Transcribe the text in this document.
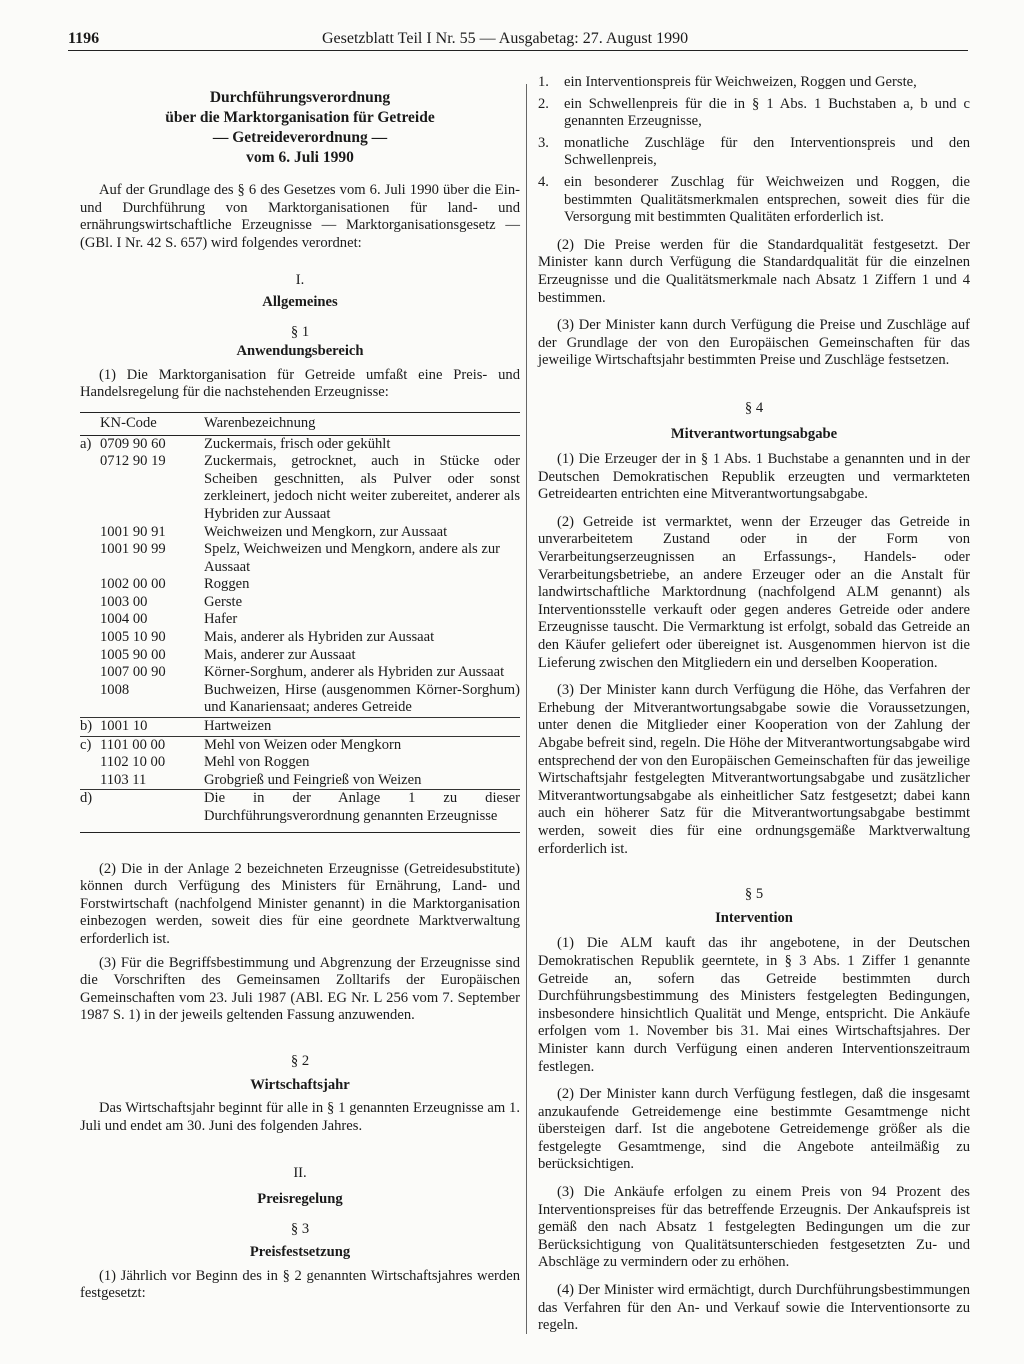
1196	Gesetzblatt Teil I Nr. 55 — Ausgabetag: 27. August 1990
Durchführungsverordnung
über die Marktorganisation für Getreide
— Getreideverordnung —
vom 6. Juli 1990

Auf der Grundlage des § 6 des Gesetzes vom 6. Juli 1990 über die Ein- und Durchführung von Marktorganisationen für land- und ernährungswirtschaftliche Erzeugnisse — Marktorganisationsgesetz — (GBl. I Nr. 42 S. 657) wird folgendes verordnet:

I.
Allgemeines
§ 1
Anwendungsbereich

(1) Die Marktorganisation für Getreide umfaßt eine Preis- und Handelsregelung für die nachstehenden Erzeugnisse:

	KN-Code	Warenbezeichnung
a)	0709 90 60	Zuckermais, frisch oder gekühlt
	0712 90 19	Zuckermais, getrocknet, auch in Stücke oder Scheiben geschnitten, als Pulver oder sonst zerkleinert, jedoch nicht weiter zubereitet, anderer als Hybriden zur Aussaat
	1001 90 91	Weichweizen und Mengkorn, zur Aussaat
	1001 90 99	Spelz, Weichweizen und Mengkorn, andere als zur Aussaat
	1002 00 00	Roggen
	1003 00	Gerste
	1004 00	Hafer
	1005 10 90	Mais, anderer als Hybriden zur Aussaat
	1005 90 00	Mais, anderer zur Aussaat
	1007 00 90	Körner-Sorghum, anderer als Hybriden zur Aussaat
	1008	Buchweizen, Hirse (ausgenommen Körner-Sorghum) und Kanariensaat; anderes Getreide
b)	1001 10	Hartweizen
c)	1101 00 00	Mehl von Weizen oder Mengkorn
	1102 10 00	Mehl von Roggen
	1103 11	Grobgrieß und Feingrieß von Weizen
d)		Die in der Anlage 1 zu dieser Durchführungsverordnung genannten Erzeugnisse

(2) Die in der Anlage 2 bezeichneten Erzeugnisse (Getreidesubstitute) können durch Verfügung des Ministers für Ernährung, Land- und Forstwirtschaft (nachfolgend Minister genannt) in die Marktorganisation einbezogen werden, soweit dies für eine geordnete Marktverwaltung erforderlich ist.

(3) Für die Begriffsbestimmung und Abgrenzung der Erzeugnisse sind die Vorschriften des Gemeinsamen Zolltarifs der Europäischen Gemeinschaften vom 23. Juli 1987 (ABl. EG Nr. L 256 vom 7. September 1987 S. 1) in der jeweils geltenden Fassung anzuwenden.

§ 2
Wirtschaftsjahr

Das Wirtschaftsjahr beginnt für alle in § 1 genannten Erzeugnisse am 1. Juli und endet am 30. Juni des folgenden Jahres.

II.
Preisregelung
§ 3
Preisfestsetzung

(1) Jährlich vor Beginn des in § 2 genannten Wirtschaftsjahres werden festgesetzt:

1.	ein Interventionspreis für Weichweizen, Roggen und Gerste,
2.	ein Schwellenpreis für die in § 1 Abs. 1 Buchstaben a, b und c genannten Erzeugnisse,
3.	monatliche Zuschläge für den Interventionspreis und den Schwellenpreis,
4.	ein besonderer Zuschlag für Weichweizen und Roggen, die bestimmten Qualitätsmerkmalen entsprechen, soweit dies für die Versorgung mit bestimmten Qualitäten erforderlich ist.

(2) Die Preise werden für die Standardqualität festgesetzt. Der Minister kann durch Verfügung die Standardqualität für die einzelnen Erzeugnisse und die Qualitätsmerkmale nach Absatz 1 Ziffern 1 und 4 bestimmen.

(3) Der Minister kann durch Verfügung die Preise und Zuschläge auf der Grundlage der von den Europäischen Gemeinschaften für das jeweilige Wirtschaftsjahr bestimmten Preise und Zuschläge festsetzen.

§ 4
Mitverantwortungsabgabe

(1) Die Erzeuger der in § 1 Abs. 1 Buchstabe a genannten und in der Deutschen Demokratischen Republik erzeugten und vermarkteten Getreidearten entrichten eine Mitverantwortungsabgabe.

(2) Getreide ist vermarktet, wenn der Erzeuger das Getreide in unverarbeitetem Zustand oder in der Form von Verarbeitungserzeugnissen an Erfassungs-, Handels- oder Verarbeitungsbetriebe, an andere Erzeuger oder an die Anstalt für landwirtschaftliche Marktordnung (nachfolgend ALM genannt) als Interventionsstelle verkauft oder gegen anderes Getreide oder andere Erzeugnisse tauscht. Die Vermarktung ist erfolgt, sobald das Getreide an den Käufer geliefert oder übereignet ist. Ausgenommen hiervon ist die Lieferung zwischen den Mitgliedern ein und derselben Kooperation.

(3) Der Minister kann durch Verfügung die Höhe, das Verfahren der Erhebung der Mitverantwortungsabgabe sowie die Voraussetzungen, unter denen die Mitglieder einer Kooperation von der Zahlung der Abgabe befreit sind, regeln. Die Höhe der Mitverantwortungsabgabe wird entsprechend der von den Europäischen Gemeinschaften für das jeweilige Wirtschaftsjahr festgelegten Mitverantwortungsabgabe und zusätzlicher Mitverantwortungsabgabe als einheitlicher Satz festgesetzt; dabei kann auch ein höherer Satz für die Mitverantwortungsabgabe bestimmt werden, soweit dies für eine ordnungsgemäße Marktverwaltung erforderlich ist.

§ 5
Intervention

(1) Die ALM kauft das ihr angebotene, in der Deutschen Demokratischen Republik geerntete, in § 3 Abs. 1 Ziffer 1 genannte Getreide an, sofern das Getreide bestimmten durch Durchführungsbestimmung des Ministers festgelegten Bedingungen, insbesondere hinsichtlich Qualität und Menge, entspricht. Die Ankäufe erfolgen vom 1. November bis 31. Mai eines Wirtschaftsjahres. Der Minister kann durch Verfügung einen anderen Interventionszeitraum festlegen.

(2) Der Minister kann durch Verfügung festlegen, daß die insgesamt anzukaufende Getreidemenge eine bestimmte Gesamtmenge nicht übersteigen darf. Ist die angebotene Getreidemenge größer als die festgelegte Gesamtmenge, sind die Angebote anteilmäßig zu berücksichtigen.

(3) Die Ankäufe erfolgen zu einem Preis von 94 Prozent des Interventionspreises für das betreffende Erzeugnis. Der Ankaufspreis ist gemäß den nach Absatz 1 festgelegten Bedingungen um die zur Berücksichtigung von Qualitätsunterschieden festgesetzten Zu- und Abschläge zu vermindern oder zu erhöhen.

(4) Der Minister wird ermächtigt, durch Durchführungsbestimmungen das Verfahren für den An- und Verkauf sowie die Interventionsorte zu regeln.
